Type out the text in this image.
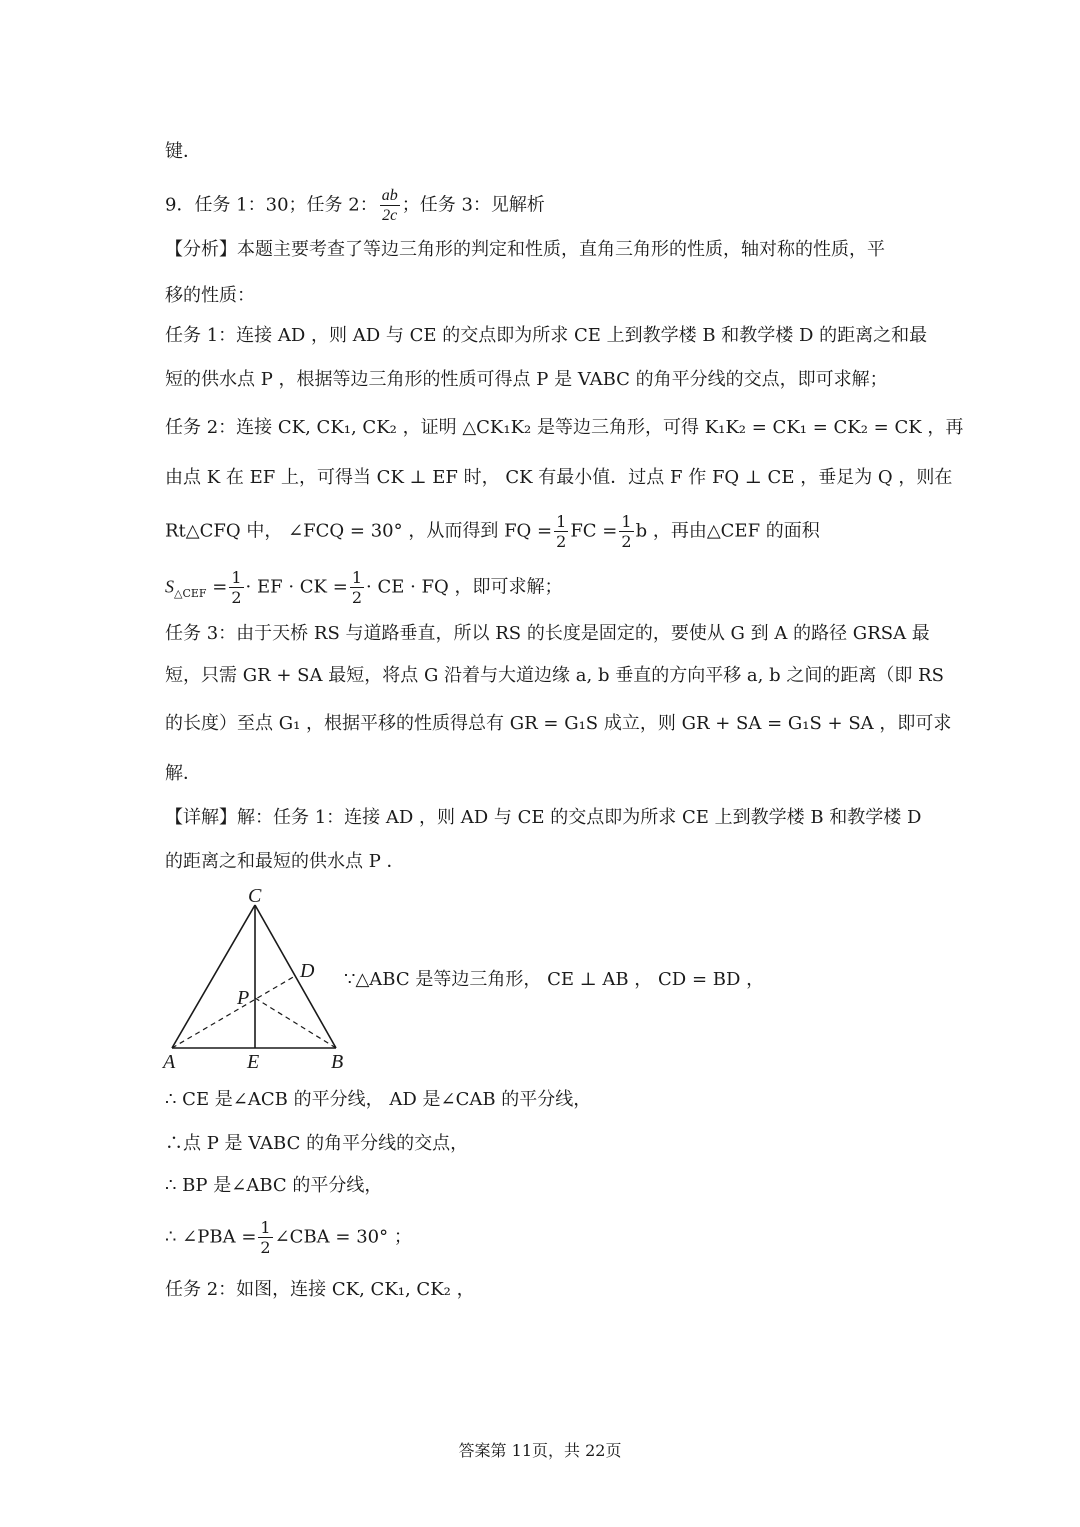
键．
9．任务 1：30；任务 2： $\frac{ab}{2c}$ ；任务 3：见解析
【分析】本题主要考查了等边三角形的判定和性质，直角三角形的性质，轴对称的性质，平
移的性质：
任务 1：连接 AD ，则 AD 与 CE 的交点即为所求 CE 上到教学楼 B 和教学楼 D 的距离之和最
短的供水点 P ，根据等边三角形的性质可得点 P 是 VABC 的角平分线的交点，即可求解；
任务 2：连接 CK, CK₁, CK₂ ，证明 △CK₁K₂ 是等边三角形，可得 K₁K₂ = CK₁ = CK₂ = CK ，再
由点 K 在 EF 上，可得当 CK ⊥ EF 时， CK 有最小值．过点 F 作 FQ ⊥ CE ，垂足为 Q ，则在
Rt△CFQ 中， ∠FCQ = 30° ，从而得到 FQ = $\frac{1}{2}$ FC = $\frac{1}{2}$ b ，再由△CEF 的面积
$S_{\triangle CEF} = \frac{1}{2}$ · EF · CK = $\frac{1}{2}$ · CE · FQ ，即可求解；
任务 3：由于天桥 RS 与道路垂直，所以 RS 的长度是固定的，要使从 G 到 A 的路径 GRSA 最
短，只需 GR + SA 最短，将点 G 沿着与大道边缘 a, b 垂直的方向平移 a, b 之间的距离（即 RS
的长度）至点 G₁ ，根据平移的性质得总有 GR = G₁S 成立，则 GR + SA = G₁S + SA ，即可求
解．
【详解】解：任务 1：连接 AD ，则 AD 与 CE 的交点即为所求 CE 上到教学楼 B 和教学楼 D
的距离之和最短的供水点 P ．
C
D
P
A	E	B
∵△ABC 是等边三角形， CE ⊥ AB ， CD = BD ，
∴ CE 是∠ACB 的平分线， AD 是∠CAB 的平分线，
∴点 P 是 VABC 的角平分线的交点，
∴ BP 是∠ABC 的平分线，
∴ ∠PBA = $\frac{1}{2}$ ∠CBA = 30° ；
任务 2：如图，连接 CK, CK₁, CK₂ ，
答案第 11页，共 22页
